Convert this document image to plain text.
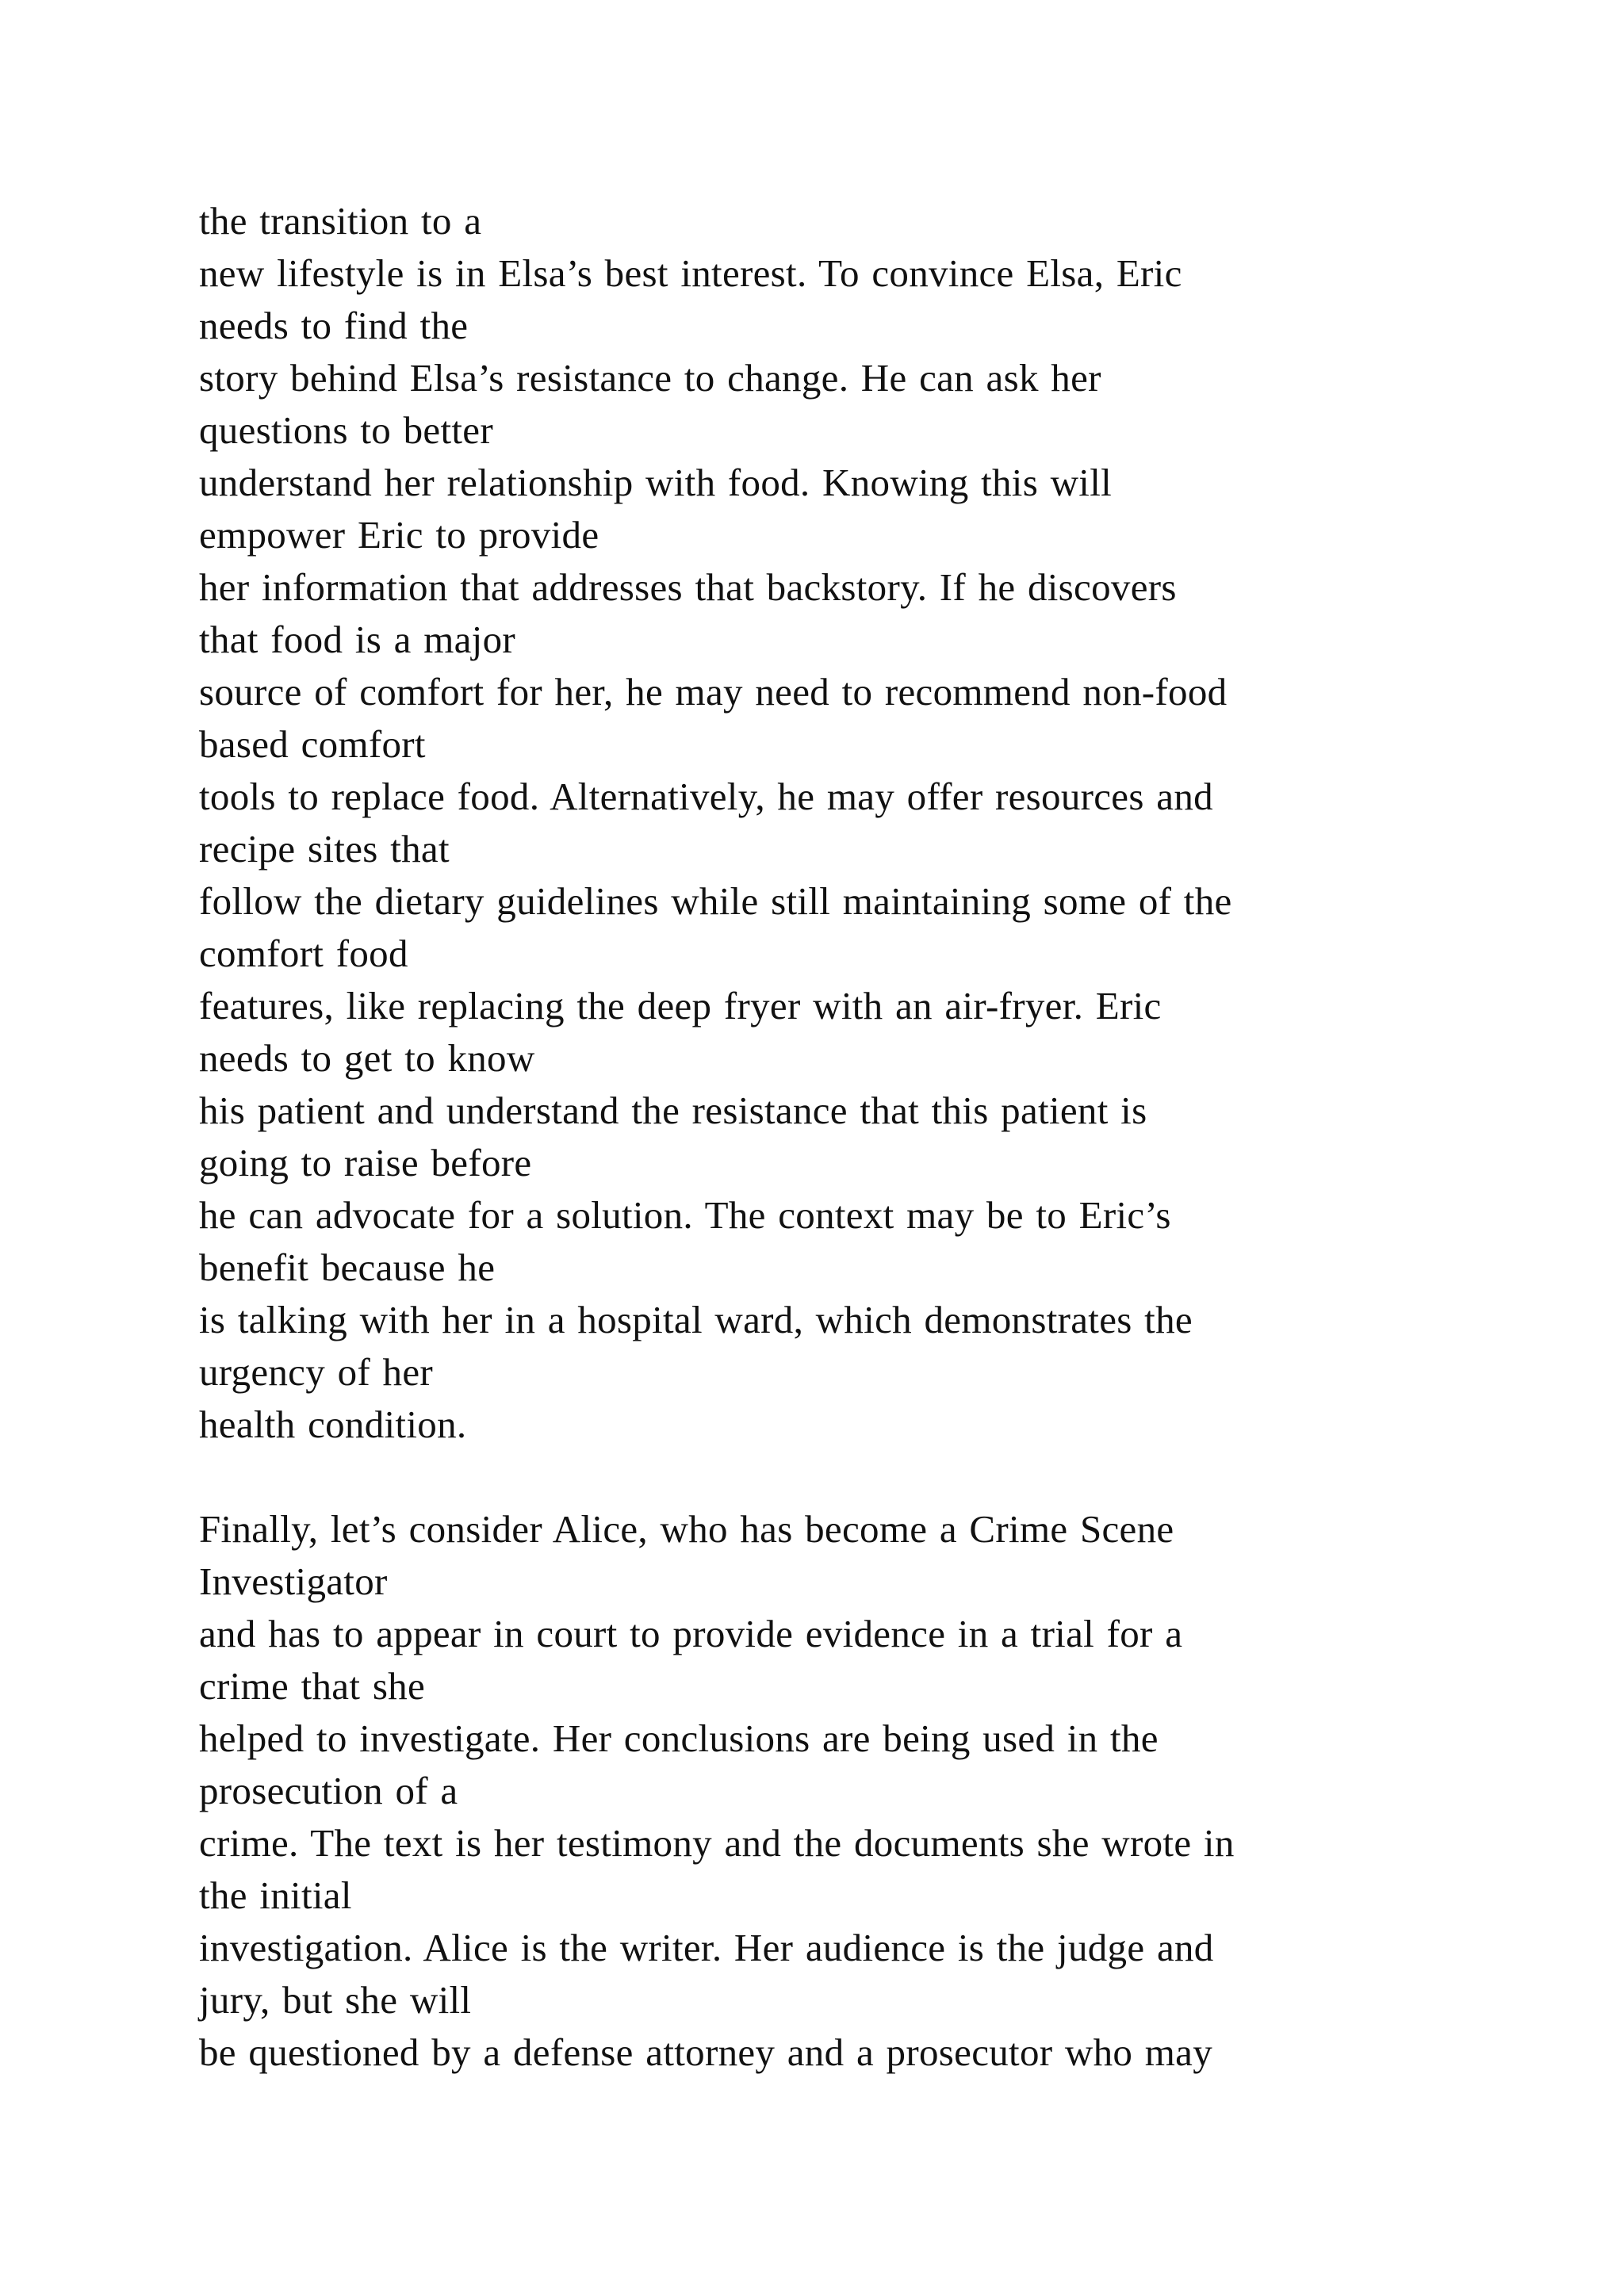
the transition to a
new lifestyle is in Elsa’s best interest. To convince Elsa, Eric
needs to find the
story behind Elsa’s resistance to change. He can ask her
questions to better
understand her relationship with food. Knowing this will
empower Eric to provide
her information that addresses that backstory. If he discovers
that food is a major
source of comfort for her, he may need to recommend non-food
based comfort
tools to replace food. Alternatively, he may offer resources and
recipe sites that
follow the dietary guidelines while still maintaining some of the
comfort food
features, like replacing the deep fryer with an air-fryer. Eric
needs to get to know
his patient and understand the resistance that this patient is
going to raise before
he can advocate for a solution. The context may be to Eric’s
benefit because he
is talking with her in a hospital ward, which demonstrates the
urgency of her
health condition.
Finally, let’s consider Alice, who has become a Crime Scene
Investigator
and has to appear in court to provide evidence in a trial for a
crime that she
helped to investigate. Her conclusions are being used in the
prosecution of a
crime. The text is her testimony and the documents she wrote in
the initial
investigation. Alice is the writer. Her audience is the judge and
jury, but she will
be questioned by a defense attorney and a prosecutor who may
